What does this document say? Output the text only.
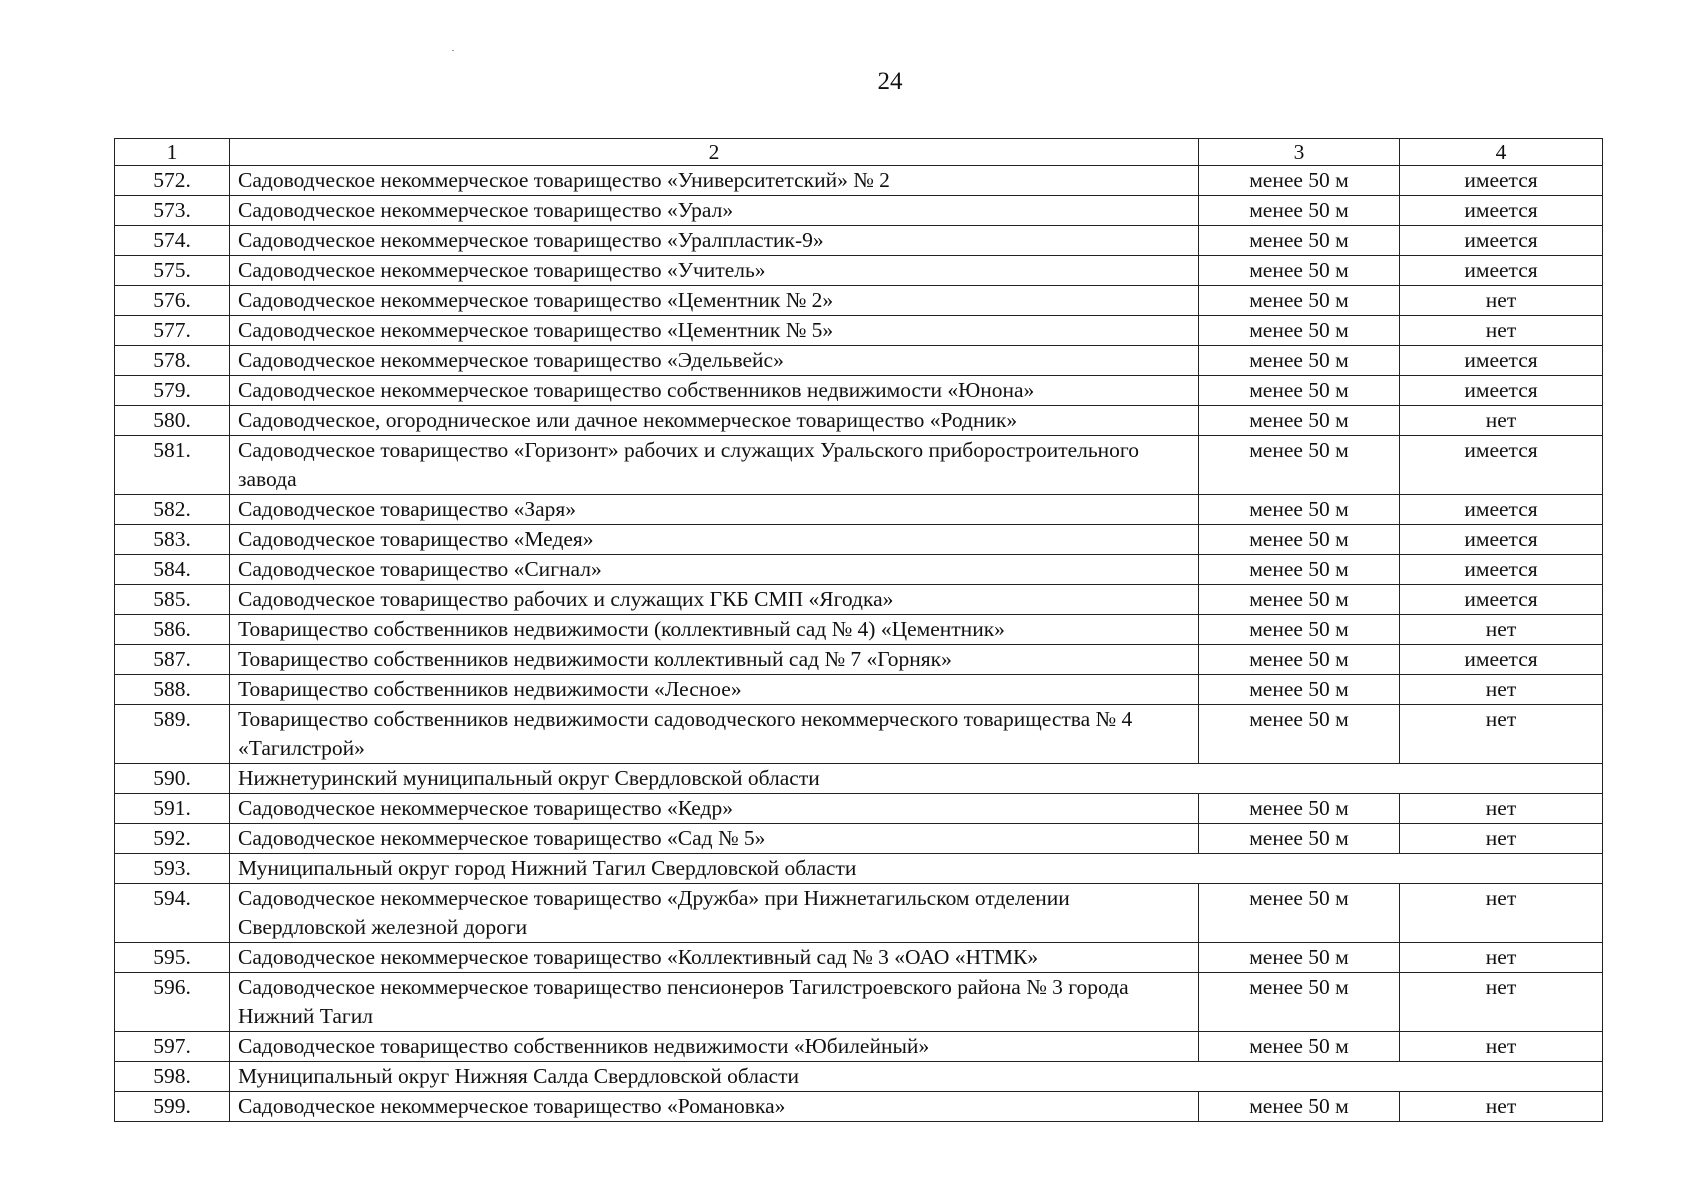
24
1	2	3	4
572.	Садоводческое некоммерческое товарищество «Университетский» № 2	менее 50 м	имеется
573.	Садоводческое некоммерческое товарищество «Урал»	менее 50 м	имеется
574.	Садоводческое некоммерческое товарищество «Уралпластик-9»	менее 50 м	имеется
575.	Садоводческое некоммерческое товарищество «Учитель»	менее 50 м	имеется
576.	Садоводческое некоммерческое товарищество «Цементник № 2»	менее 50 м	нет
577.	Садоводческое некоммерческое товарищество «Цементник № 5»	менее 50 м	нет
578.	Садоводческое некоммерческое товарищество «Эдельвейс»	менее 50 м	имеется
579.	Садоводческое некоммерческое товарищество собственников недвижимости «Юнона»	менее 50 м	имеется
580.	Садоводческое, огородническое или дачное некоммерческое товарищество «Родник»	менее 50 м	нет
581.	Садоводческое товарищество «Горизонт» рабочих и служащих Уральского приборостроительного завода	менее 50 м	имеется
582.	Садоводческое товарищество «Заря»	менее 50 м	имеется
583.	Садоводческое товарищество «Медея»	менее 50 м	имеется
584.	Садоводческое товарищество «Сигнал»	менее 50 м	имеется
585.	Садоводческое товарищество рабочих и служащих ГКБ СМП «Ягодка»	менее 50 м	имеется
586.	Товарищество собственников недвижимости (коллективный сад № 4) «Цементник»	менее 50 м	нет
587.	Товарищество собственников недвижимости коллективный сад № 7 «Горняк»	менее 50 м	имеется
588.	Товарищество собственников недвижимости «Лесное»	менее 50 м	нет
589.	Товарищество собственников недвижимости садоводческого некоммерческого товарищества № 4 «Тагилстрой»	менее 50 м	нет
590.	Нижнетуринский муниципальный округ Свердловской области		
591.	Садоводческое некоммерческое товарищество «Кедр»	менее 50 м	нет
592.	Садоводческое некоммерческое товарищество «Сад № 5»	менее 50 м	нет
593.	Муниципальный округ город Нижний Тагил Свердловской области		
594.	Садоводческое некоммерческое товарищество «Дружба» при Нижнетагильском отделении Свердловской железной дороги	менее 50 м	нет
595.	Садоводческое некоммерческое товарищество «Коллективный сад № 3 «ОАО «НТМК»	менее 50 м	нет
596.	Садоводческое некоммерческое товарищество пенсионеров Тагилстроевского района № 3 города Нижний Тагил	менее 50 м	нет
597.	Садоводческое товарищество собственников недвижимости «Юбилейный»	менее 50 м	нет
598.	Муниципальный округ Нижняя Салда Свердловской области		
599.	Садоводческое некоммерческое товарищество «Романовка»	менее 50 м	нет
